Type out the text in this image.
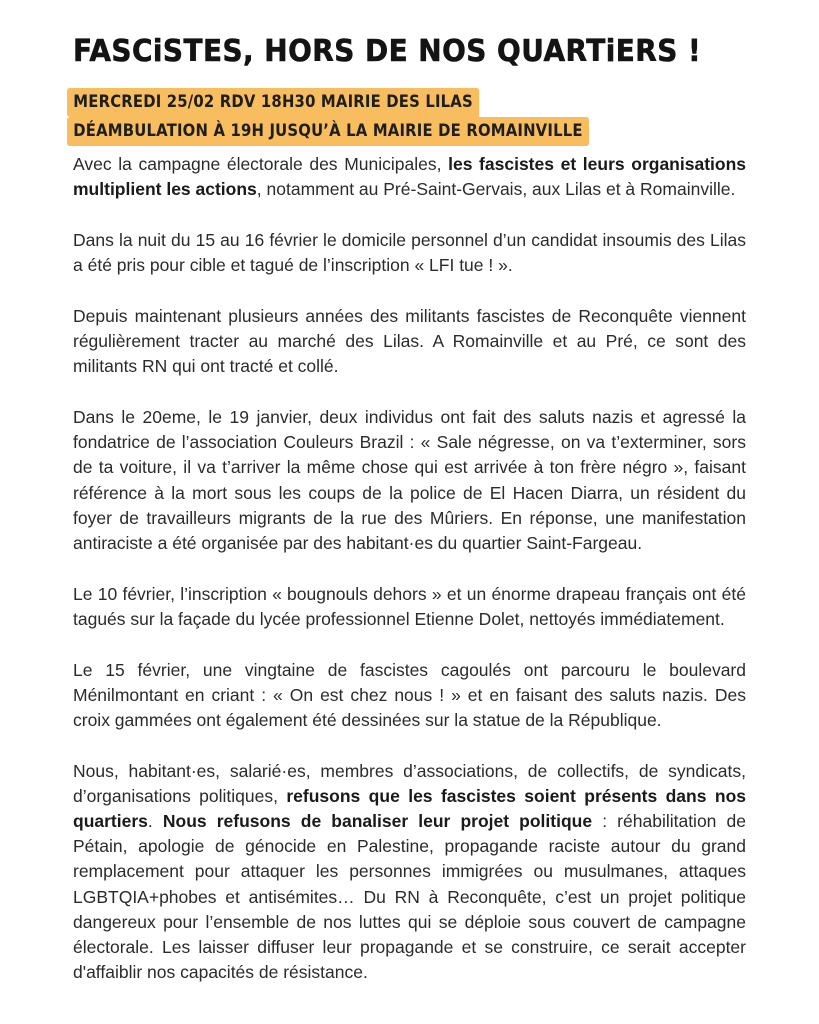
FASCiSTES, HORS DE NOS QUARTiERS !
MERCREDI 25/02 RDV 18H30 MAIRIE DES LILAS
DÉAMBULATION À 19H JUSQU’À LA MAIRIE DE ROMAINVILLE

Avec la campagne électorale des Municipales, les fascistes et leurs organisations multiplient les actions, notamment au Pré-Saint-Gervais, aux Lilas et à Romainville.

Dans la nuit du 15 au 16 février le domicile personnel d’un candidat insoumis des Lilas a été pris pour cible et tagué de l’inscription « LFI tue ! ».

Depuis maintenant plusieurs années des militants fascistes de Reconquête viennent régulièrement tracter au marché des Lilas. A Romainville et au Pré, ce sont des militants RN qui ont tracté et collé.

Dans le 20eme, le 19 janvier, deux individus ont fait des saluts nazis et agressé la fondatrice de l’association Couleurs Brazil : « Sale négresse, on va t’exterminer, sors de ta voiture, il va t’arriver la même chose qui est arrivée à ton frère négro », faisant référence à la mort sous les coups de la police de El Hacen Diarra, un résident du foyer de travailleurs migrants de la rue des Mûriers. En réponse, une manifestation antiraciste a été organisée par des habitant·es du quartier Saint-Fargeau.

Le 10 février, l’inscription « bougnouls dehors » et un énorme drapeau français ont été tagués sur la façade du lycée professionnel Etienne Dolet, nettoyés immédiatement.

Le 15 février, une vingtaine de fascistes cagoulés ont parcouru le boulevard Ménilmontant en criant : « On est chez nous ! » et en faisant des saluts nazis. Des croix gammées ont également été dessinées sur la statue de la République.

Nous, habitant·es, salarié·es, membres d’associations, de collectifs, de syndicats, d’organisations politiques, refusons que les fascistes soient présents dans nos quartiers. Nous refusons de banaliser leur projet politique : réhabilitation de Pétain, apologie de génocide en Palestine, propagande raciste autour du grand remplacement pour attaquer les personnes immigrées ou musulmanes, attaques LGBTQIA+phobes et antisémites… Du RN à Reconquête, c’est un projet politique dangereux pour l’ensemble de nos luttes qui se déploie sous couvert de campagne électorale. Les laisser diffuser leur propagande et se construire, ce serait accepter d'affaiblir nos capacités de résistance.
